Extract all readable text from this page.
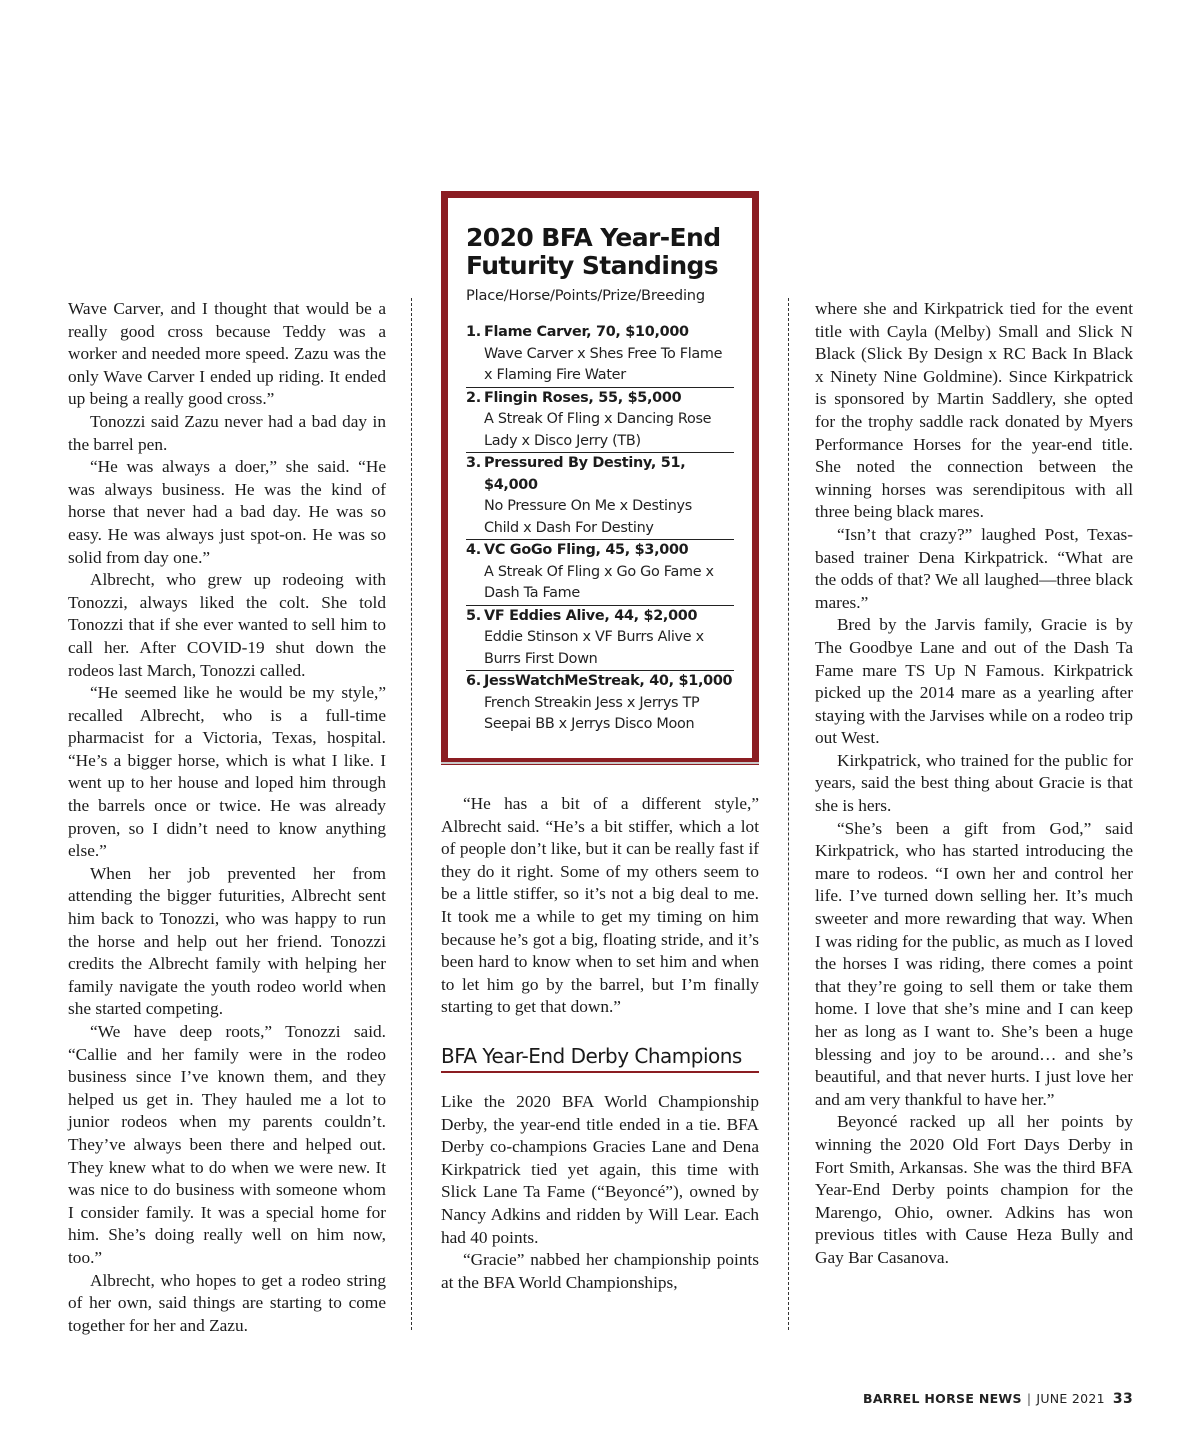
Wave Carver, and I thought that would be a really good cross because Teddy was a worker and needed more speed. Zazu was the only Wave Carver I ended up riding. It ended up being a really good cross.”

Tonozzi said Zazu never had a bad day in the barrel pen.

“He was always a doer,” she said. “He was always business. He was the kind of horse that never had a bad day. He was so easy. He was always just spot-on. He was so solid from day one.”

Albrecht, who grew up rodeoing with Tonozzi, always liked the colt. She told Tonozzi that if she ever wanted to sell him to call her. After COVID-19 shut down the rodeos last March, Tonozzi called.

“He seemed like he would be my style,” recalled Albrecht, who is a full-time pharmacist for a Victoria, Texas, hospital. “He’s a bigger horse, which is what I like. I went up to her house and loped him through the barrels once or twice. He was already proven, so I didn’t need to know anything else.”

When her job prevented her from attending the bigger futurities, Albrecht sent him back to Tonozzi, who was happy to run the horse and help out her friend. Tonozzi credits the Albrecht family with helping her family navigate the youth rodeo world when she started competing.

“We have deep roots,” Tonozzi said. “Callie and her family were in the rodeo business since I’ve known them, and they helped us get in. They hauled me a lot to junior rodeos when my parents couldn’t. They’ve always been there and helped out. They knew what to do when we were new. It was nice to do business with someone whom I consider family. It was a special home for him. She’s doing really well on him now, too.”

Albrecht, who hopes to get a rodeo string of her own, said things are starting to come together for her and Zazu.

2020 BFA Year-End Futurity Standings
Place/Horse/Points/Prize/Breeding
1. Flame Carver, 70, $10,000
Wave Carver x Shes Free To Flame
x Flaming Fire Water
2. Flingin Roses, 55, $5,000
A Streak Of Fling x Dancing Rose
Lady x Disco Jerry (TB)
3. Pressured By Destiny, 51, $4,000
No Pressure On Me x Destinys
Child x Dash For Destiny
4. VC GoGo Fling, 45, $3,000
A Streak Of Fling x Go Go Fame x
Dash Ta Fame
5. VF Eddies Alive, 44, $2,000
Eddie Stinson x VF Burrs Alive x
Burrs First Down
6. JessWatchMeStreak, 40, $1,000
French Streakin Jess x Jerrys TP
Seepai BB x Jerrys Disco Moon

“He has a bit of a different style,” Albrecht said. “He’s a bit stiffer, which a lot of people don’t like, but it can be really fast if they do it right. Some of my others seem to be a little stiffer, so it’s not a big deal to me. It took me a while to get my timing on him because he’s got a big, floating stride, and it’s been hard to know when to set him and when to let him go by the barrel, but I’m finally starting to get that down.”

BFA Year-End Derby Champions

Like the 2020 BFA World Championship Derby, the year-end title ended in a tie. BFA Derby co-champions Gracies Lane and Dena Kirkpatrick tied yet again, this time with Slick Lane Ta Fame (“Beyoncé”), owned by Nancy Adkins and ridden by Will Lear. Each had 40 points.

“Gracie” nabbed her championship points at the BFA World Championships,

where she and Kirkpatrick tied for the event title with Cayla (Melby) Small and Slick N Black (Slick By Design x RC Back In Black x Ninety Nine Goldmine). Since Kirkpatrick is sponsored by Martin Saddlery, she opted for the trophy saddle rack donated by Myers Performance Horses for the year-end title. She noted the connection between the winning horses was serendipitous with all three being black mares.

“Isn’t that crazy?” laughed Post, Texas-based trainer Dena Kirkpatrick. “What are the odds of that? We all laughed—three black mares.”

Bred by the Jarvis family, Gracie is by The Goodbye Lane and out of the Dash Ta Fame mare TS Up N Famous. Kirkpatrick picked up the 2014 mare as a yearling after staying with the Jarvises while on a rodeo trip out West.

Kirkpatrick, who trained for the public for years, said the best thing about Gracie is that she is hers.

“She’s been a gift from God,” said Kirkpatrick, who has started introducing the mare to rodeos. “I own her and control her life. I’ve turned down selling her. It’s much sweeter and more rewarding that way. When I was riding for the public, as much as I loved the horses I was riding, there comes a point that they’re going to sell them or take them home. I love that she’s mine and I can keep her as long as I want to. She’s been a huge blessing and joy to be around… and she’s beautiful, and that never hurts. I just love her and am very thankful to have her.”

Beyoncé racked up all her points by winning the 2020 Old Fort Days Derby in Fort Smith, Arkansas. She was the third BFA Year-End Derby points champion for the Marengo, Ohio, owner. Adkins has won previous titles with Cause Heza Bully and Gay Bar Casanova.

BARREL HORSE NEWS | JUNE 2021 33
